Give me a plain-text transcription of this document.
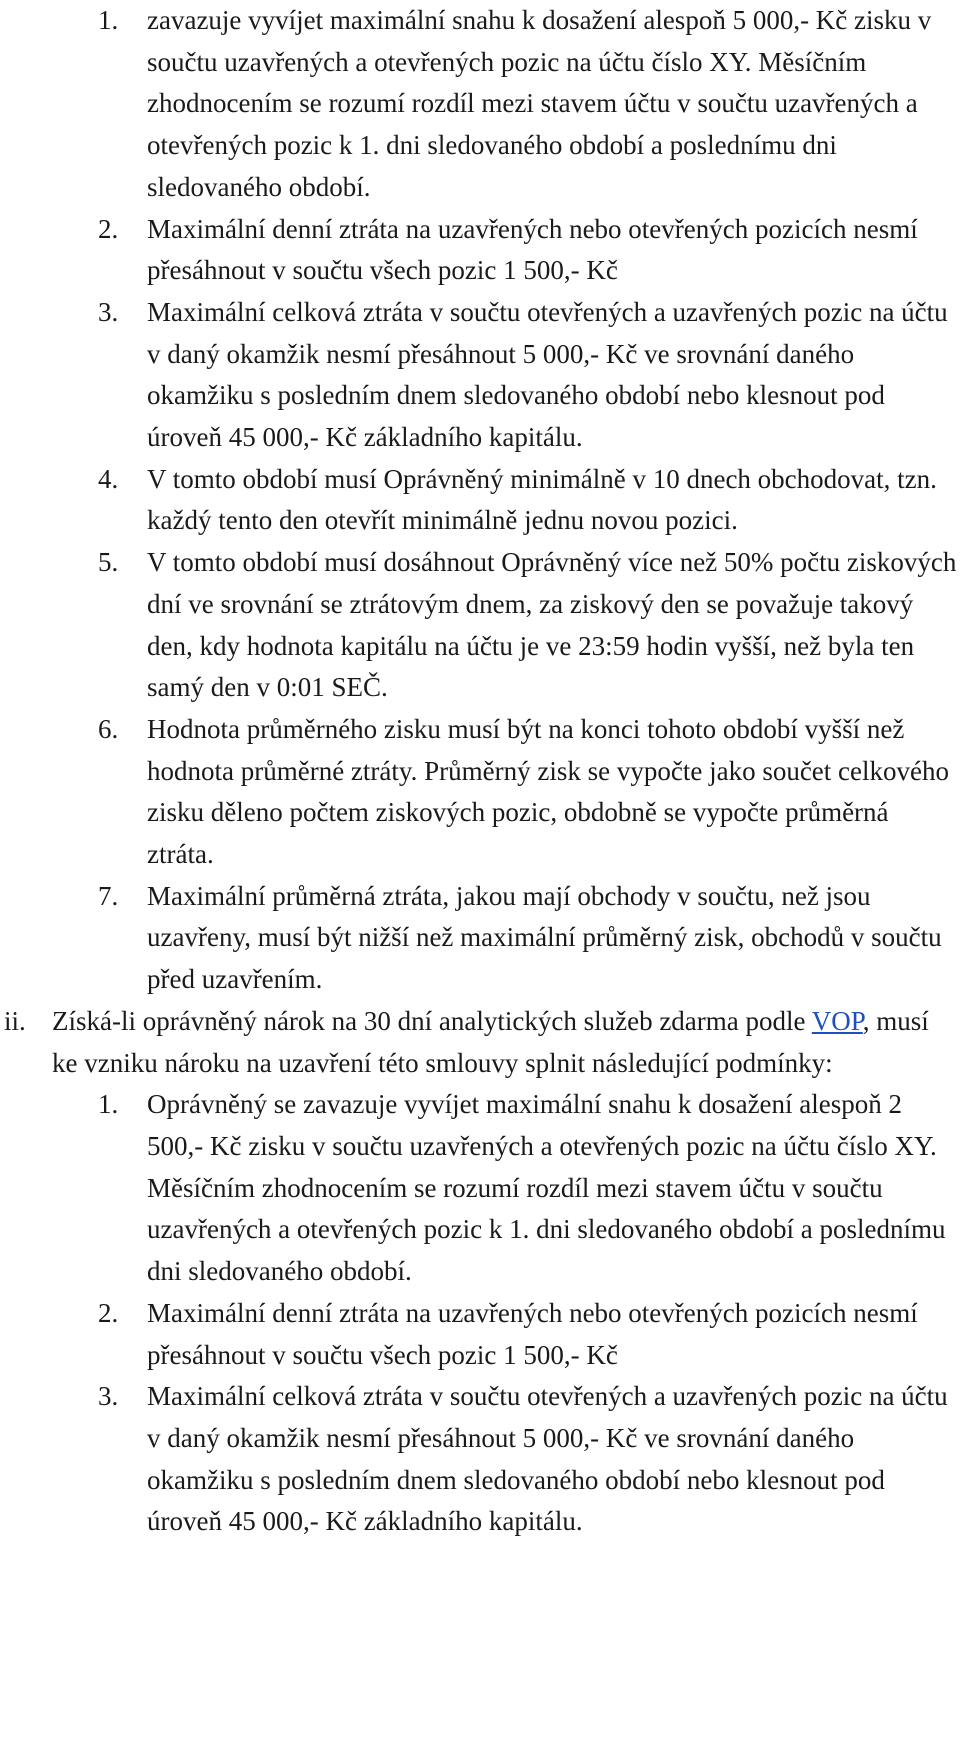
1. zavazuje vyvíjet maximální snahu k dosažení alespoň 5 000,- Kč zisku v součtu uzavřených a otevřených pozic na účtu číslo XY. Měsíčním zhodnocením se rozumí rozdíl mezi stavem účtu v součtu uzavřených a otevřených pozic k 1. dni sledovaného období a poslednímu dni sledovaného období.
2. Maximální denní ztráta na uzavřených nebo otevřených pozicích nesmí přesáhnout v součtu všech pozic 1 500,- Kč
3. Maximální celková ztráta v součtu otevřených a uzavřených pozic na účtu v daný okamžik nesmí přesáhnout 5 000,- Kč ve srovnání daného okamžiku s posledním dnem sledovaného období nebo klesnout pod úroveň 45 000,- Kč základního kapitálu.
4. V tomto období musí Oprávněný minimálně v 10 dnech obchodovat, tzn. každý tento den otevřít minimálně jednu novou pozici.
5. V tomto období musí dosáhnout Oprávněný více než 50% počtu ziskových dní ve srovnání se ztrátovým dnem, za ziskový den se považuje takový den, kdy hodnota kapitálu na účtu je ve 23:59 hodin vyšší, než byla ten samý den v 0:01 SEČ.
6. Hodnota průměrného zisku musí být na konci tohoto období vyšší než hodnota průměrné ztráty. Průměrný zisk se vypočte jako součet celkového zisku děleno počtem ziskových pozic, obdobně se vypočte průměrná ztráta.
7. Maximální průměrná ztráta, jakou mají obchody v součtu, než jsou uzavřeny, musí být nižší než maximální průměrný zisk, obchodů v součtu před uzavřením.
ii. Získá-li oprávněný nárok na 30 dní analytických služeb zdarma podle VOP, musí ke vzniku nároku na uzavření této smlouvy splnit následující podmínky:
1. Oprávněný se zavazuje vyvíjet maximální snahu k dosažení alespoň 2 500,- Kč zisku v součtu uzavřených a otevřených pozic na účtu číslo XY. Měsíčním zhodnocením se rozumí rozdíl mezi stavem účtu v součtu uzavřených a otevřených pozic k 1. dni sledovaného období a poslednímu dni sledovaného období.
2. Maximální denní ztráta na uzavřených nebo otevřených pozicích nesmí přesáhnout v součtu všech pozic 1 500,- Kč
3. Maximální celková ztráta v součtu otevřených a uzavřených pozic na účtu v daný okamžik nesmí přesáhnout 5 000,- Kč ve srovnání daného okamžiku s posledním dnem sledovaného období nebo klesnout pod úroveň 45 000,- Kč základního kapitálu.
